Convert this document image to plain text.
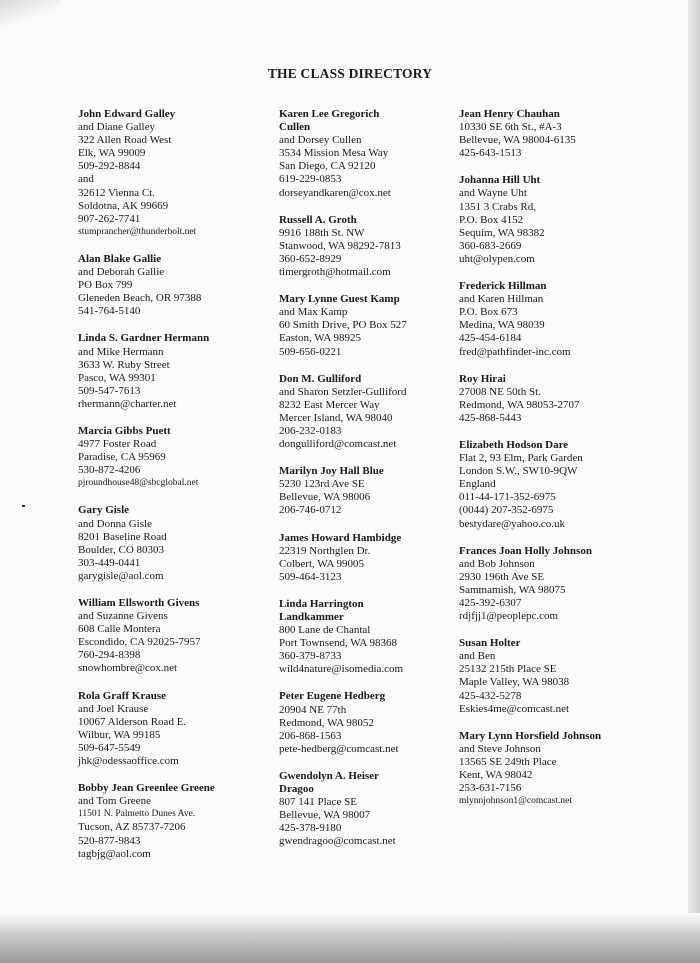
THE CLASS DIRECTORY
John Edward Galley
and Diane Galley
322 Allen Road West
Elk, WA 99009
509-292-8844
and
32612 Vienna Ct.
Soldotna, AK 99669
907-262-7741
stumprancher@thunderbolt.net
Alan Blake Gallie
and Deborah Gallie
PO Box 799
Gleneden Beach, OR 97388
541-764-5140
Linda S. Gardner Hermann
and Mike Hermann
3633 W. Ruby Street
Pasco, WA 99301
509-547-7613
rhermann@charter.net
Marcia Gibbs Puett
4977 Foster Road
Paradise, CA 95969
530-872-4206
pjroundhouse48@sbcglobal.net
Gary Gisle
and Donna Gisle
8201 Baseline Road
Boulder, CO 80303
303-449-0441
garygisle@aol.com
William Ellsworth Givens
and Suzanne Givens
608 Calle Montera
Escondido, CA 92025-7957
760-294-8398
snowhombre@cox.net
Rola Graff Krause
and Joel Krause
10067 Alderson Road E.
Wilbur, WA 99185
509-647-5549
jhk@odessaoffice.com
Bobby Jean Greenlee Greene
and Tom Greene
11501 N. Palmetto Dunes Ave.
Tucson, AZ 85737-7206
520-877-9843
tagbjg@aol.com
Karen Lee Gregorich
Cullen
and Dorsey Cullen
3534 Mission Mesa Way
San Diego, CA 92120
619-229-0853
dorseyandkaren@cox.net
Russell A. Groth
9916 188th St. NW
Stanwood, WA 98292-7813
360-652-8929
timergroth@hotmail.com
Mary Lynne Guest Kamp
and Max Kamp
60 Smith Drive, PO Box 527
Easton, WA 98925
509-656-0221
Don M. Gulliford
and Sharon Setzler-Gulliford
8232 East Mercer Way
Mercer Island, WA 98040
206-232-0183
dongulliford@comcast.net
Marilyn Joy Hall Blue
5230 123rd Ave SE
Bellevue, WA 98006
206-746-0712
James Howard Hambidge
22319 Northglen Dr.
Colbert, WA 99005
509-464-3123
Linda Harrington
Landkammer
800 Lane de Chantal
Port Townsend, WA 98368
360-379-8733
wild4nature@isomedia.com
Peter Eugene Hedberg
20904 NE 77th
Redmond, WA 98052
206-868-1563
pete-hedberg@comcast.net
Gwendolyn A. Heiser
Dragoo
807 141 Place SE
Bellevue, WA 98007
425-378-9180
gwendragoo@comcast.net
Jean Henry Chauhan
10330 SE 6th St., #A-3
Bellevue, WA 98004-6135
425-643-1513
Johanna Hill Uht
and Wayne Uht
1351 3 Crabs Rd,
P.O. Box 4152
Sequim, WA 98382
360-683-2669
uht@olypen.com
Frederick Hillman
and Karen Hillman
P.O. Box 673
Medina, WA 98039
425-454-6184
fred@pathfinder-inc.com
Roy Hirai
27008 NE 50th St.
Redmond, WA 98053-2707
425-868-5443
Elizabeth Hodson Dare
Flat 2, 93 Elm, Park Garden
London S.W., SW10-9QW
England
011-44-171-352-6975
(0044) 207-352-6975
bestydare@yahoo.co.uk
Frances Joan Holly Johnson
and Bob Johnson
2930 196th Ave SE
Sammamish, WA 98075
425-392-6307
rdjfjj1@peoplepc.com
Susan Holter
and Ben
25132 215th Place SE
Maple Valley, WA 98038
425-432-5278
Eskies4me@comcast.net
Mary Lynn Horsfield Johnson
and Steve Johnson
13565 SE 249th Place
Kent, WA 98042
253-631-7156
mlynnjohnson1@comcast.net
